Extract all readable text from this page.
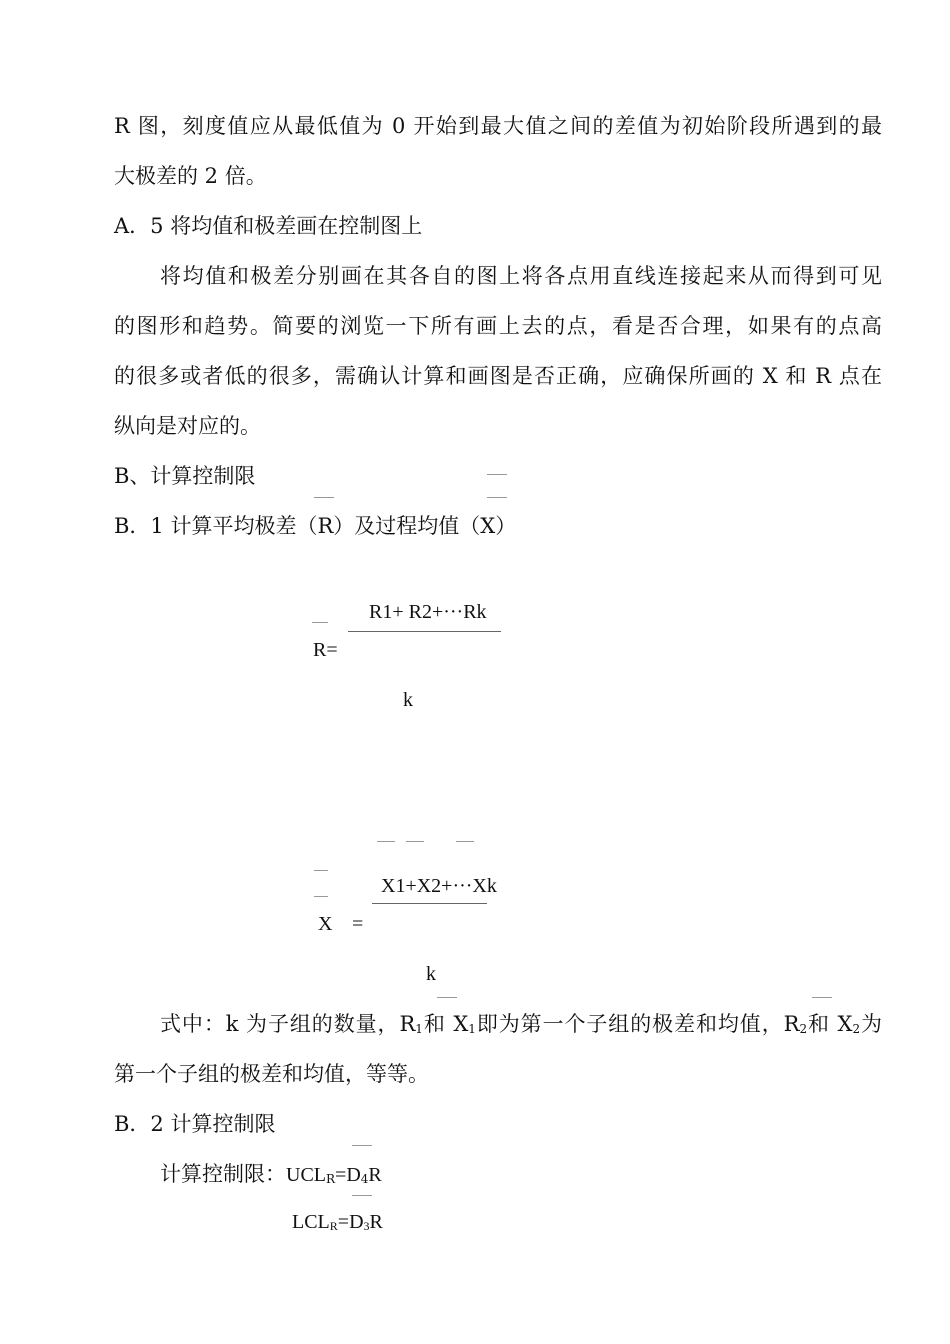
R 图，刻度值应从最低值为 0 开始到最大值之间的差值为初始阶段所遇到的最
大极差的 2 倍。
A．5 将均值和极差画在控制图上
将均值和极差分别画在其各自的图上将各点用直线连接起来从而得到可见
的图形和趋势。简要的浏览一下所有画上去的点，看是否合理，如果有的点高
的很多或者低的很多，需确认计算和画图是否正确，应确保所画的 X 和 R 点在
纵向是对应的。
B、计算控制限
B．1 计算平均极差（R）及过程均值（X）
R=
R1+ R2+···Rk
k
X1+X2+···Xk
X =
k
式中：k 为子组的数量，$R_1$和 $X_1$即为第一个子组的极差和均值，$R_2$和 $X_2$为
第一个子组的极差和均值，等等。
B．2 计算控制限
计算控制限：$UCL_R=D_4R$
$LCL_R=D_3R$
